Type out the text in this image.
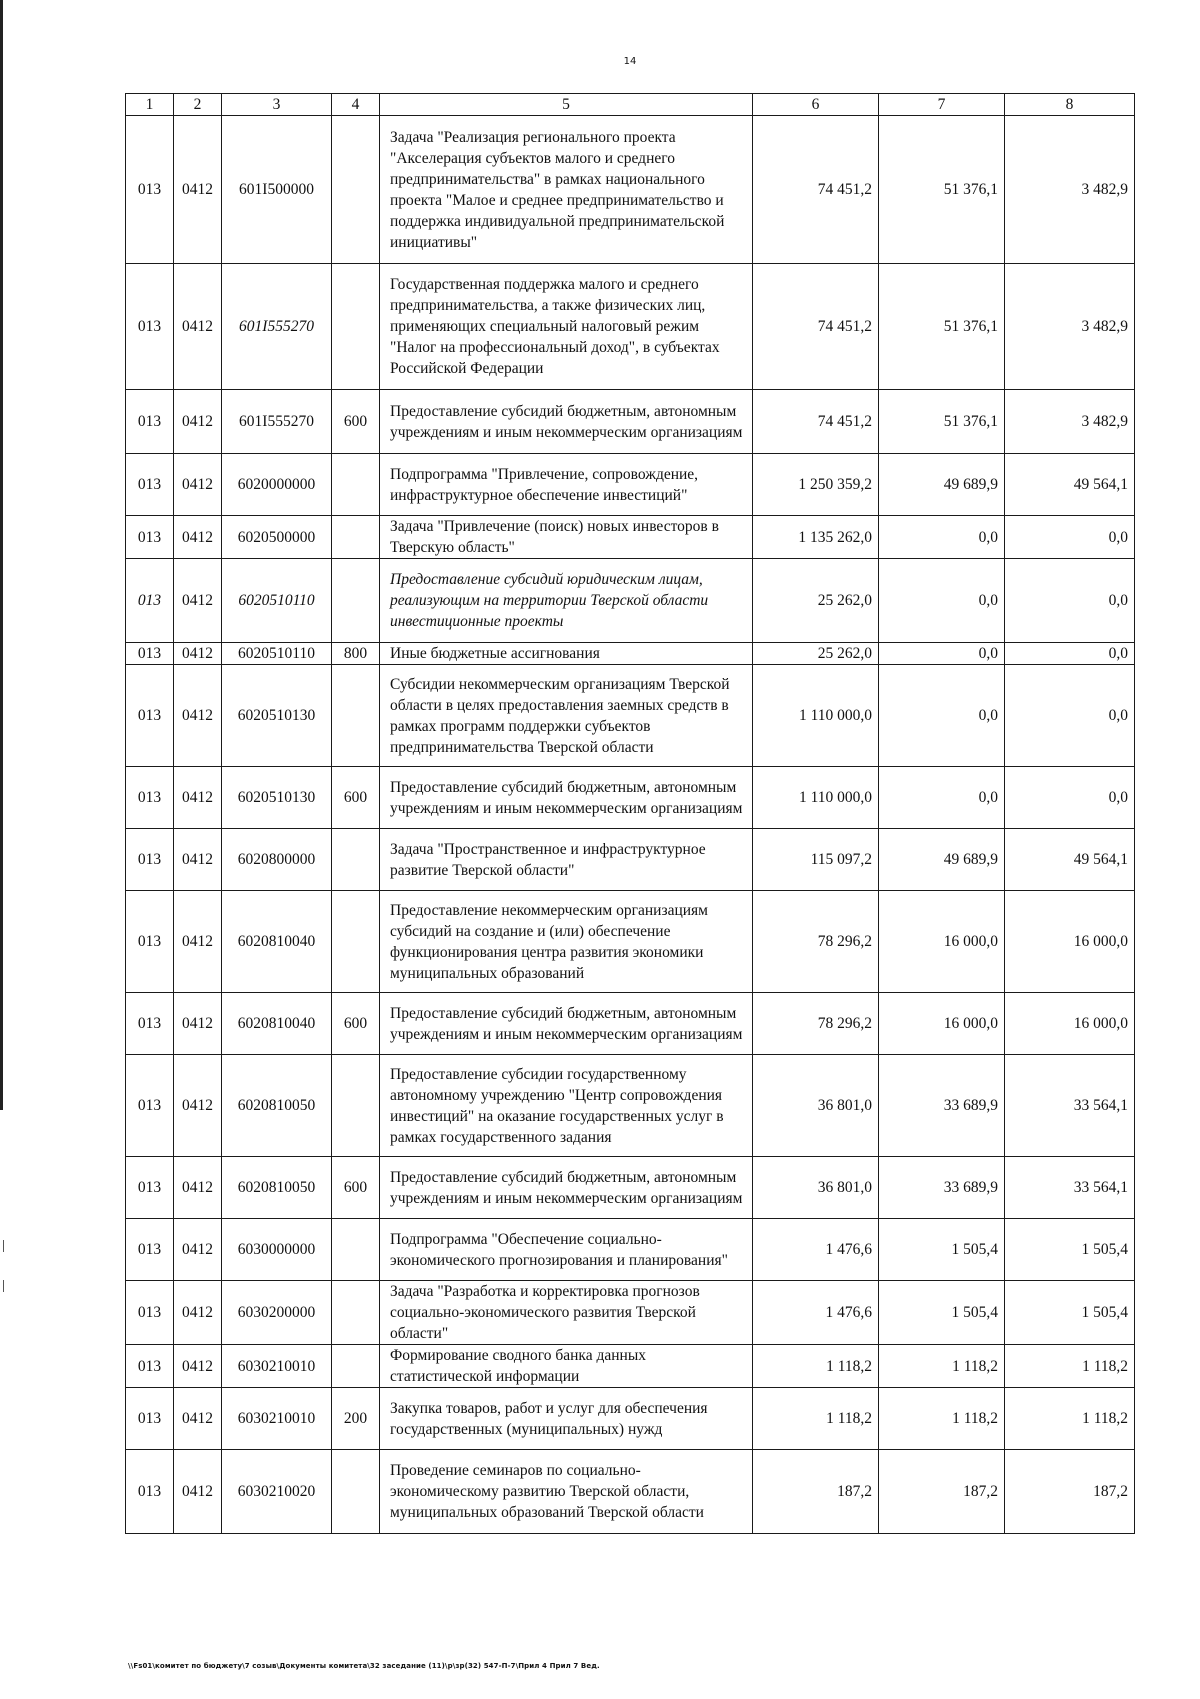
14
1	2	3	4	5	6	7	8
013	0412	601I500000		Задача "Реализация регионального проекта "Акселерация субъектов малого и среднего предпринимательства" в рамках национального проекта "Малое и среднее предпринимательство и поддержка индивидуальной предпринимательской инициативы"	74 451,2	51 376,1	3 482,9
013	0412	601I555270		Государственная поддержка малого и среднего предпринимательства, а также физических лиц, применяющих специальный налоговый режим "Налог на профессиональный доход", в субъектах Российской Федерации	74 451,2	51 376,1	3 482,9
013	0412	601I555270	600	Предоставление субсидий бюджетным, автономным учреждениям и иным некоммерческим организациям	74 451,2	51 376,1	3 482,9
013	0412	6020000000		Подпрограмма "Привлечение, сопровождение, инфраструктурное обеспечение инвестиций"	1 250 359,2	49 689,9	49 564,1
013	0412	6020500000		Задача "Привлечение (поиск) новых инвесторов в Тверскую область"	1 135 262,0	0,0	0,0
013	0412	6020510110		Предоставление субсидий юридическим лицам, реализующим на территории Тверской области инвестиционные проекты	25 262,0	0,0	0,0
013	0412	6020510110	800	Иные бюджетные ассигнования	25 262,0	0,0	0,0
013	0412	6020510130		Субсидии некоммерческим организациям Тверской области в целях предоставления заемных средств в рамках программ поддержки субъектов предпринимательства Тверской области	1 110 000,0	0,0	0,0
013	0412	6020510130	600	Предоставление субсидий бюджетным, автономным учреждениям и иным некоммерческим организациям	1 110 000,0	0,0	0,0
013	0412	6020800000		Задача "Пространственное и инфраструктурное развитие Тверской области"	115 097,2	49 689,9	49 564,1
013	0412	6020810040		Предоставление некоммерческим организациям субсидий на создание и (или) обеспечение функционирования центра развития экономики муниципальных образований	78 296,2	16 000,0	16 000,0
013	0412	6020810040	600	Предоставление субсидий бюджетным, автономным учреждениям и иным некоммерческим организациям	78 296,2	16 000,0	16 000,0
013	0412	6020810050		Предоставление субсидии государственному автономному учреждению "Центр сопровождения инвестиций" на оказание государственных услуг в рамках государственного задания	36 801,0	33 689,9	33 564,1
013	0412	6020810050	600	Предоставление субсидий бюджетным, автономным учреждениям и иным некоммерческим организациям	36 801,0	33 689,9	33 564,1
013	0412	6030000000		Подпрограмма "Обеспечение социально-экономического прогнозирования и планирования"	1 476,6	1 505,4	1 505,4
013	0412	6030200000		Задача "Разработка и корректировка прогнозов социально-экономического развития Тверской области"	1 476,6	1 505,4	1 505,4
013	0412	6030210010		Формирование сводного банка данных статистической информации	1 118,2	1 118,2	1 118,2
013	0412	6030210010	200	Закупка товаров, работ и услуг для обеспечения государственных (муниципальных) нужд	1 118,2	1 118,2	1 118,2
013	0412	6030210020		Проведение семинаров по социально-экономическому развитию Тверской области, муниципальных образований Тверской области	187,2	187,2	187,2
\\Fs01\комитет по бюджету\7 созыв\Документы комитета\32 заседание (11)\р\зр(32) 547-П-7\Прил 4 Прил 7 Вед.
